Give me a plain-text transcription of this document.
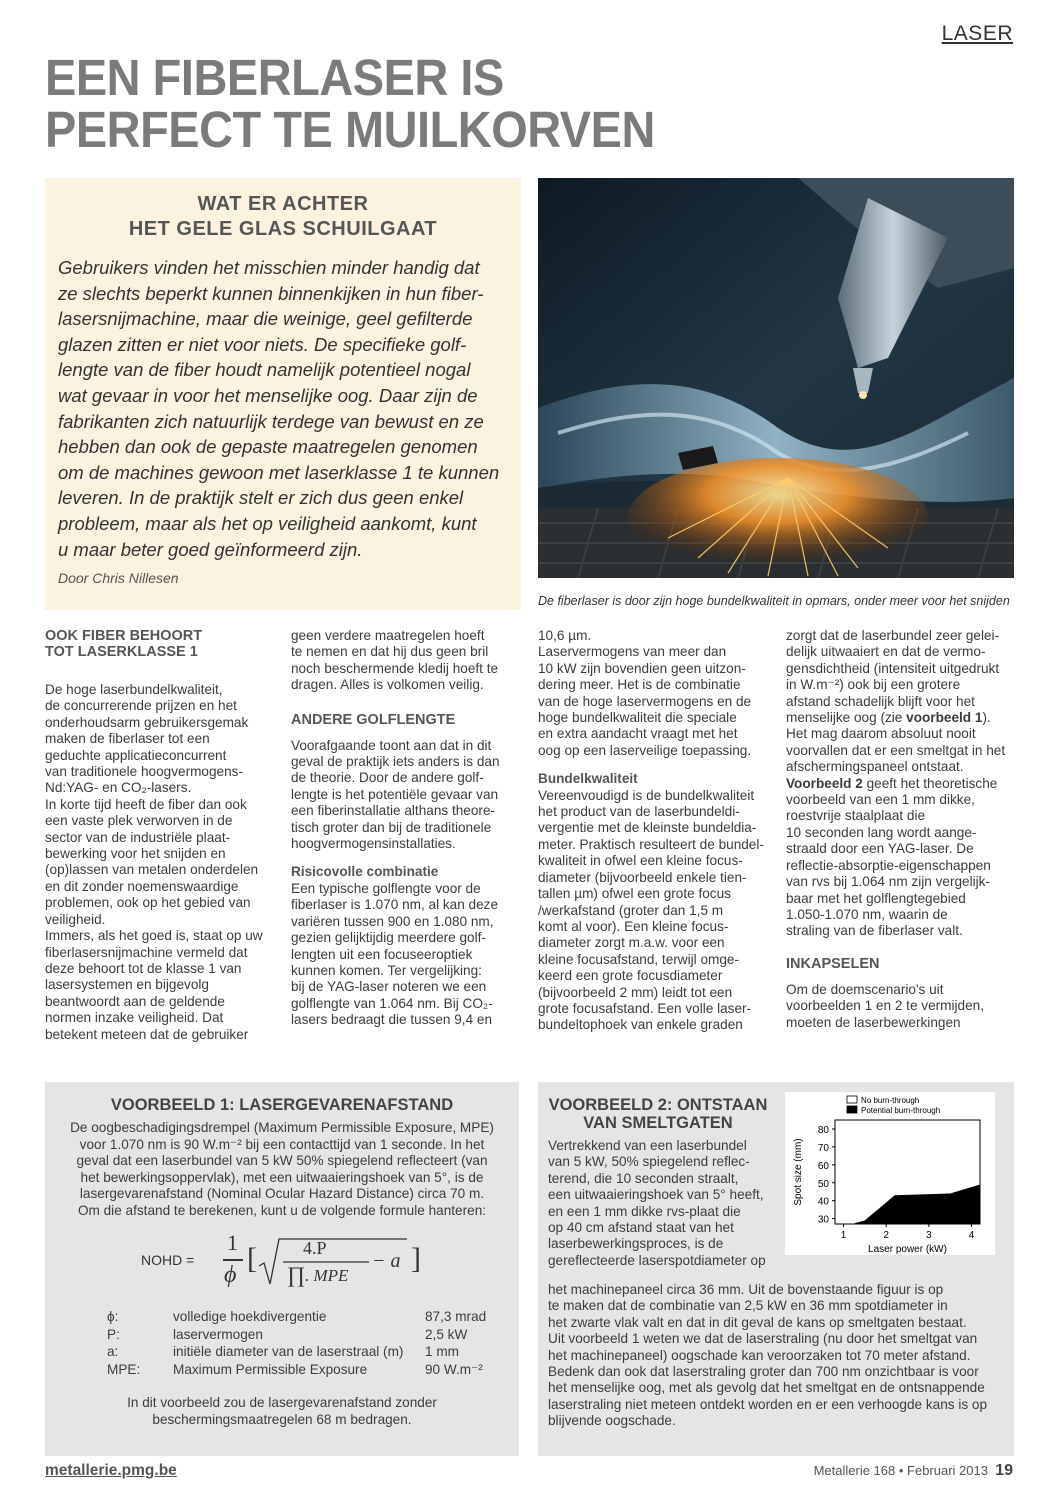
LASER
EEN FIBERLASER IS
PERFECT TE MUILKORVEN
WAT ER ACHTER
HET GELE GLAS SCHUILGAAT
Gebruikers vinden het misschien minder handig dat
ze slechts beperkt kunnen binnenkijken in hun fiber-
lasersnijmachine, maar die weinige, geel gefilterde
glazen zitten er niet voor niets. De specifieke golf-
lengte van de fiber houdt namelijk potentieel nogal
wat gevaar in voor het menselijke oog. Daar zijn de
fabrikanten zich natuurlijk terdege van bewust en ze
hebben dan ook de gepaste maatregelen genomen
om de machines gewoon met laserklasse 1 te kunnen
leveren. In de praktijk stelt er zich dus geen enkel
probleem, maar als het op veiligheid aankomt, kunt
u maar beter goed geïnformeerd zijn.
Door Chris Nillesen
De fiberlaser is door zijn hoge bundelkwaliteit in opmars, onder meer voor het snijden
OOK FIBER BEHOORT
TOT LASERKLASSE 1
De hoge laserbundelkwaliteit,
de concurrerende prijzen en het
onderhoudsarm gebruikersgemak
maken de fiberlaser tot een
geduchte applicatieconcurrent
van traditionele hoogvermogens-
Nd:YAG- en CO₂-lasers.
In korte tijd heeft de fiber dan ook
een vaste plek verworven in de
sector van de industriële plaat-
bewerking voor het snijden en
(op)lassen van metalen onderdelen
en dit zonder noemenswaardige
problemen, ook op het gebied van
veiligheid.
Immers, als het goed is, staat op uw
fiberlasersnijmachine vermeld dat
deze behoort tot de klasse 1 van
lasersystemen en bijgevolg
beantwoordt aan de geldende
normen inzake veiligheid. Dat
betekent meteen dat de gebruiker
geen verdere maatregelen hoeft
te nemen en dat hij dus geen bril
noch beschermende kledij hoeft te
dragen. Alles is volkomen veilig.
ANDERE GOLFLENGTE
Voorafgaande toont aan dat in dit
geval de praktijk iets anders is dan
de theorie. Door de andere golf-
lengte is het potentiële gevaar van
een fiberinstallatie althans theore-
tisch groter dan bij de traditionele
hoogvermogensinstallaties.
Risicovolle combinatie
Een typische golflengte voor de
fiberlaser is 1.070 nm, al kan deze
variëren tussen 900 en 1.080 nm,
gezien gelijktijdig meerdere golf-
lengten uit een focuseeroptiek
kunnen komen. Ter vergelijking:
bij de YAG-laser noteren we een
golflengte van 1.064 nm. Bij CO₂-
lasers bedraagt die tussen 9,4 en
10,6 µm.
Laservermogens van meer dan
10 kW zijn bovendien geen uitzon-
dering meer. Het is de combinatie
van de hoge laservermogens en de
hoge bundelkwaliteit die speciale
en extra aandacht vraagt met het
oog op een laserveilige toepassing.
Bundelkwaliteit
Vereenvoudigd is de bundelkwaliteit
het product van de laserbundeldi-
vergentie met de kleinste bundeldia-
meter. Praktisch resulteert de bundel-
kwaliteit in ofwel een kleine focus-
diameter (bijvoorbeeld enkele tien-
tallen µm) ofwel een grote focus
/werkafstand (groter dan 1,5 m
komt al voor). Een kleine focus-
diameter zorgt m.a.w. voor een
kleine focusafstand, terwijl omge-
keerd een grote focusdiameter
(bijvoorbeeld 2 mm) leidt tot een
grote focusafstand. Een volle laser-
bundeltophoek van enkele graden
zorgt dat de laserbundel zeer gelei-
delijk uitwaaiert en dat de vermo-
gensdichtheid (intensiteit uitgedrukt
in W.m⁻²) ook bij een grotere
afstand schadelijk blijft voor het

menselijke oog (zie voorbeeld 1).

Het mag daarom absoluut nooit
voorvallen dat er een smeltgat in het
afschermingspaneel ontstaat.

Voorbeeld 2 geeft het theoretische

voorbeeld van een 1 mm dikke,
roestvrije staalplaat die
10 seconden lang wordt aange-
straald door een YAG-laser. De
reflectie-absorptie-eigenschappen
van rvs bij 1.064 nm zijn vergelijk-
baar met het golflengtegebied
1.050-1.070 nm, waarin de
straling van de fiberlaser valt.
INKAPSELEN
Om de doemscenario's uit
voorbeelden 1 en 2 te vermijden,
moeten de laserbewerkingen
VOORBEELD 1: LASERGEVARENAFSTAND
De oogbeschadigingsdrempel (Maximum Permissible Exposure, MPE)
voor 1.070 nm is 90 W.m⁻² bij een contacttijd van 1 seconde. In het
geval dat een laserbundel van 5 kW 50% spiegelend reflecteert (van
het bewerkingsoppervlak), met een uitwaaieringshoek van 5°, is de
lasergevarenafstand (Nominal Ocular Hazard Distance) circa 70 m.
Om die afstand te berekenen, kunt u de volgende formule hanteren:
NOHD =
1
ϕ [	4.P
∏ . MPE
− a ]
ϕ:	volledige hoekdivergentie	87,3 mrad
P:	laservermogen	2,5 kW
a:	initiële diameter van de laserstraal (m) 1 mm
MPE: Maximum Permissible Exposure	90 W.m⁻²
In dit voorbeeld zou de lasergevarenafstand zonder
beschermingsmaatregelen 68 m bedragen.
VOORBEELD 2: ONTSTAAN
VAN SMELTGATEN
Vertrekkend van een laserbundel
van 5 kW, 50% spiegelend reflec-
terend, die 10 seconden straalt,
een uitwaaieringshoek van 5° heeft,
en een 1 mm dikke rvs-plaat die
op 40 cm afstand staat van het
laserbewerkingsproces, is de
gereflecteerde laserspotdiameter op
30
40
50
60
70
80
1	2	3	4
Laser power (kW)
Spot size (mm)
No burn-through
Potential burn-through
het machinepaneel circa 36 mm. Uit de bovenstaande figuur is op
te maken dat de combinatie van 2,5 kW en 36 mm spotdiameter in
het zwarte vlak valt en dat in dit geval de kans op smeltgaten bestaat.
Uit voorbeeld 1 weten we dat de laserstraling (nu door het smeltgat van
het machinepaneel) oogschade kan veroorzaken tot 70 meter afstand.
Bedenk dan ook dat laserstraling groter dan 700 nm onzichtbaar is voor
het menselijke oog, met als gevolg dat het smeltgat en de ontsnappende
laserstraling niet meteen ontdekt worden en er een verhoogde kans is op
blijvende oogschade.
metallerie.pmg.be	Metallerie 168 • Februari 2013 19
